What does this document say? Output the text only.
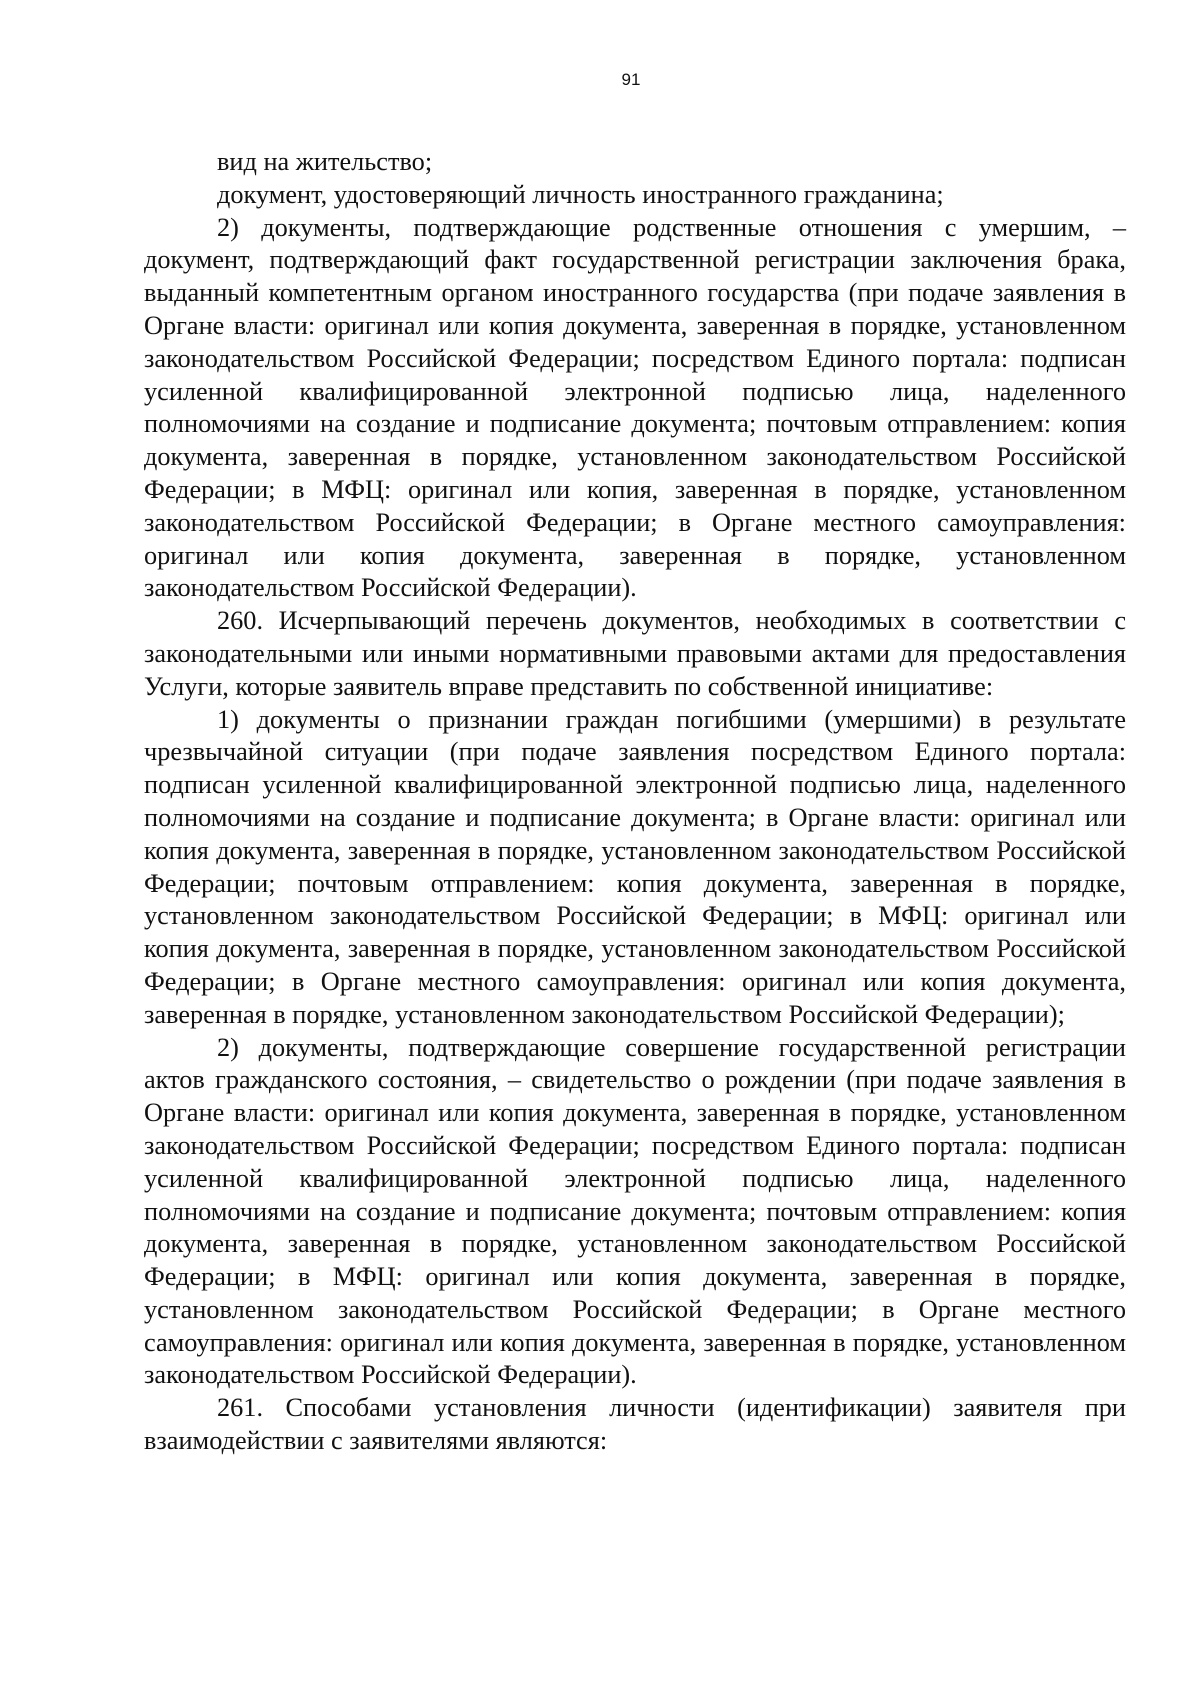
91

вид на жительство;

документ, удостоверяющий личность иностранного гражданина;

2) документы, подтверждающие родственные отношения с умершим, – документ, подтверждающий факт государственной регистрации заключения брака, выданный компетентным органом иностранного государства (при подаче заявления в Органе власти: оригинал или копия документа, заверенная в порядке, установленном законодательством Российской Федерации; посредством Единого портала: подписан усиленной квалифицированной электронной подписью лица, наделенного полномочиями на создание и подписание документа; почтовым отправлением: копия документа, заверенная в порядке, установленном законодательством Российской Федерации; в МФЦ: оригинал или копия, заверенная в порядке, установленном законодательством Российской Федерации; в Органе местного самоуправления: оригинал или копия документа, заверенная в порядке, установленном законодательством Российской Федерации).

260. Исчерпывающий перечень документов, необходимых в соответствии с законодательными или иными нормативными правовыми актами для предоставления Услуги, которые заявитель вправе представить по собственной инициативе:

1) документы о признании граждан погибшими (умершими) в результате чрезвычайной ситуации (при подаче заявления посредством Единого портала: подписан усиленной квалифицированной электронной подписью лица, наделенного полномочиями на создание и подписание документа; в Органе власти: оригинал или копия документа, заверенная в порядке, установленном законодательством Российской Федерации; почтовым отправлением: копия документа, заверенная в порядке, установленном законодательством Российской Федерации; в МФЦ: оригинал или копия документа, заверенная в порядке, установленном законодательством Российской Федерации; в Органе местного самоуправления: оригинал или копия документа, заверенная в порядке, установленном законодательством Российской Федерации);

2) документы, подтверждающие совершение государственной регистрации актов гражданского состояния, – свидетельство о рождении (при подаче заявления в Органе власти: оригинал или копия документа, заверенная в порядке, установленном законодательством Российской Федерации; посредством Единого портала: подписан усиленной квалифицированной электронной подписью лица, наделенного полномочиями на создание и подписание документа; почтовым отправлением: копия документа, заверенная в порядке, установленном законодательством Российской Федерации; в МФЦ: оригинал или копия документа, заверенная в порядке, установленном законодательством Российской Федерации; в Органе местного самоуправления: оригинал или копия документа, заверенная в порядке, установленном законодательством Российской Федерации).

261. Способами установления личности (идентификации) заявителя при взаимодействии с заявителями являются:
